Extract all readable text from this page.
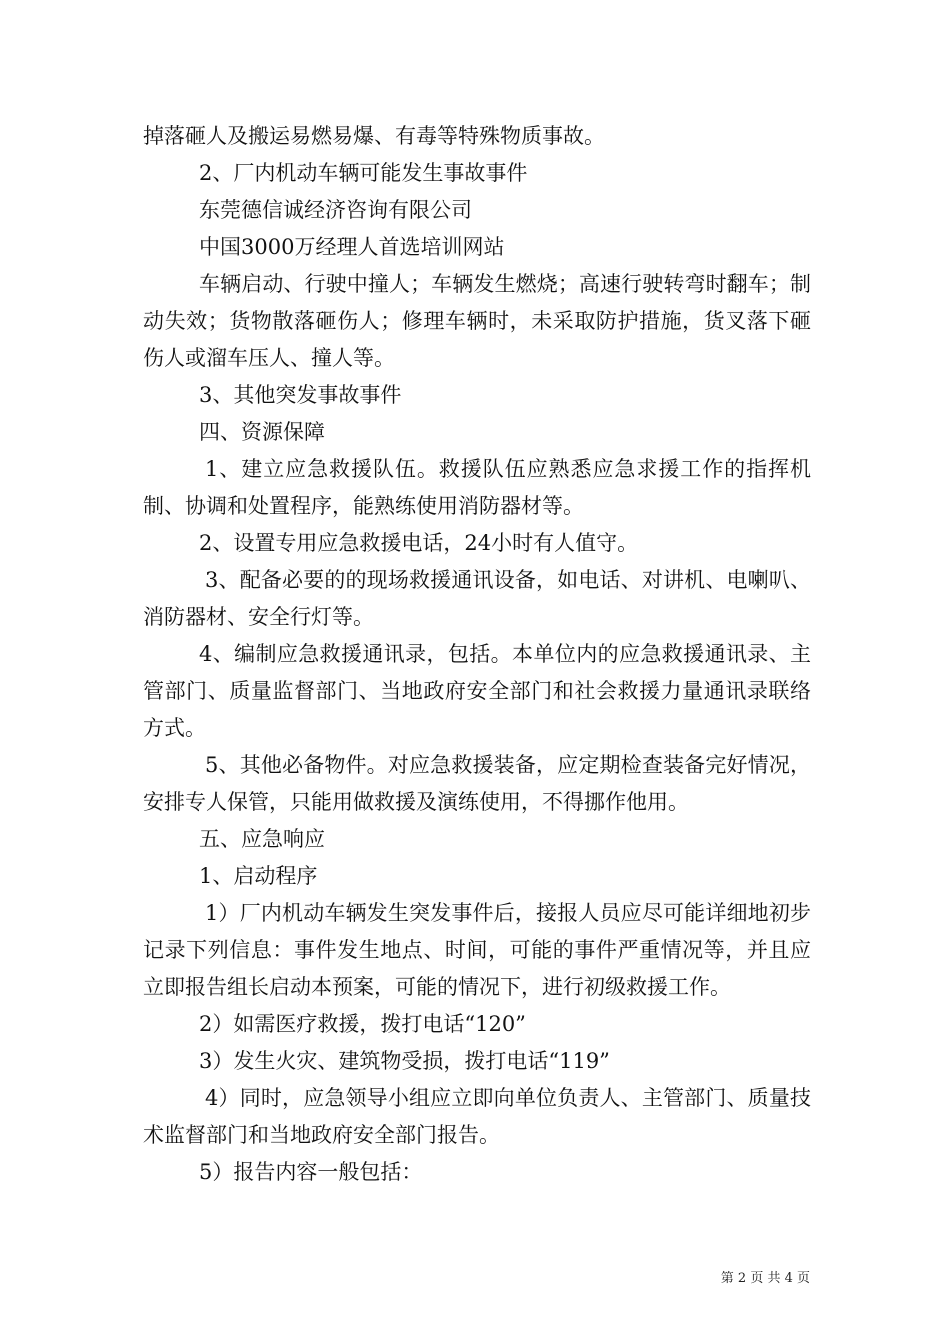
掉落砸人及搬运易燃易爆、有毒等特殊物质事故。

2、厂内机动车辆可能发生事故事件

东莞德信诚经济咨询有限公司

中国3000万经理人首选培训网站

车辆启动、行驶中撞人；车辆发生燃烧；高速行驶转弯时翻车；制动失效；货物散落砸伤人；修理车辆时，未采取防护措施，货叉落下砸伤人或溜车压人、撞人等。

3、其他突发事故事件

四、资源保障

1、建立应急救援队伍。救援队伍应熟悉应急求援工作的指挥机制、协调和处置程序，能熟练使用消防器材等。

2、设置专用应急救援电话，24小时有人值守。

3、配备必要的的现场救援通讯设备，如电话、对讲机、电喇叭、消防器材、安全行灯等。

4、编制应急救援通讯录，包括。本单位内的应急救援通讯录、主管部门、质量监督部门、当地政府安全部门和社会救援力量通讯录联络方式。

5、其他必备物件。对应急救援装备，应定期检查装备完好情况，安排专人保管，只能用做救援及演练使用，不得挪作他用。

五、应急响应

1、启动程序

1）厂内机动车辆发生突发事件后，接报人员应尽可能详细地初步记录下列信息：事件发生地点、时间，可能的事件严重情况等，并且应立即报告组长启动本预案，可能的情况下，进行初级救援工作。

2）如需医疗救援，拨打电话“120”

3）发生火灾、建筑物受损，拨打电话“119”

4）同时，应急领导小组应立即向单位负责人、主管部门、质量技术监督部门和当地政府安全部门报告。

5）报告内容一般包括：

第 2 页 共 4 页
